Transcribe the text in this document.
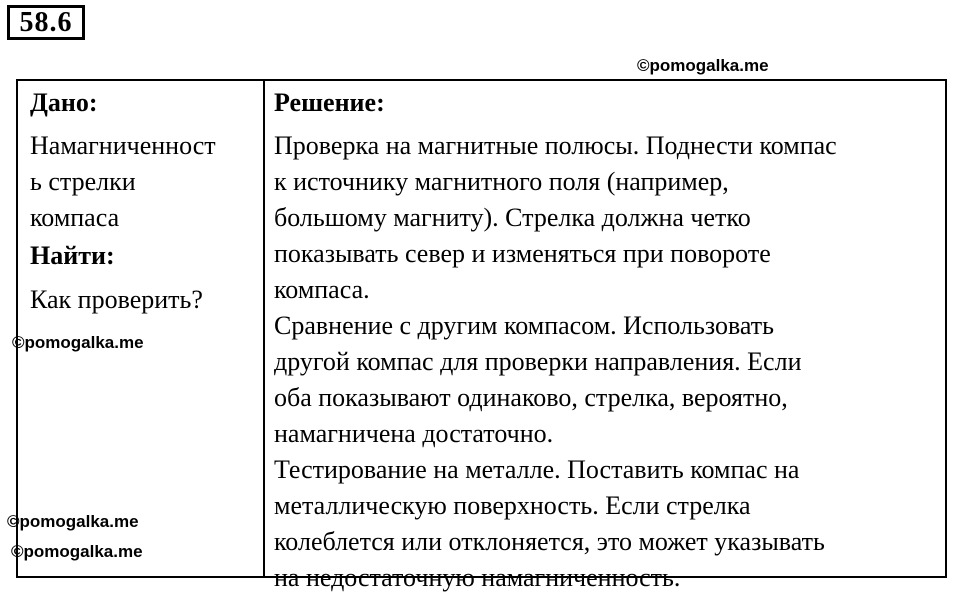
58.6
©pomogalka.me
Дано:
Намагниченност
ь стрелки
компаса
Найти:
Как проверить?
Решение:
Проверка на магнитные полюсы. Поднести компас
к источнику магнитного поля (например,
большому магниту). Стрелка должна четко
показывать север и изменяться при повороте
компаса.
Сравнение с другим компасом. Использовать
другой компас для проверки направления. Если
оба показывают одинаково, стрелка, вероятно,
намагничена достаточно.
Тестирование на металле. Поставить компас на
металлическую поверхность. Если стрелка
колеблется или отклоняется, это может указывать
на недостаточную намагниченность.
©pomogalka.me
©pomogalka.me
©pomogalka.me
